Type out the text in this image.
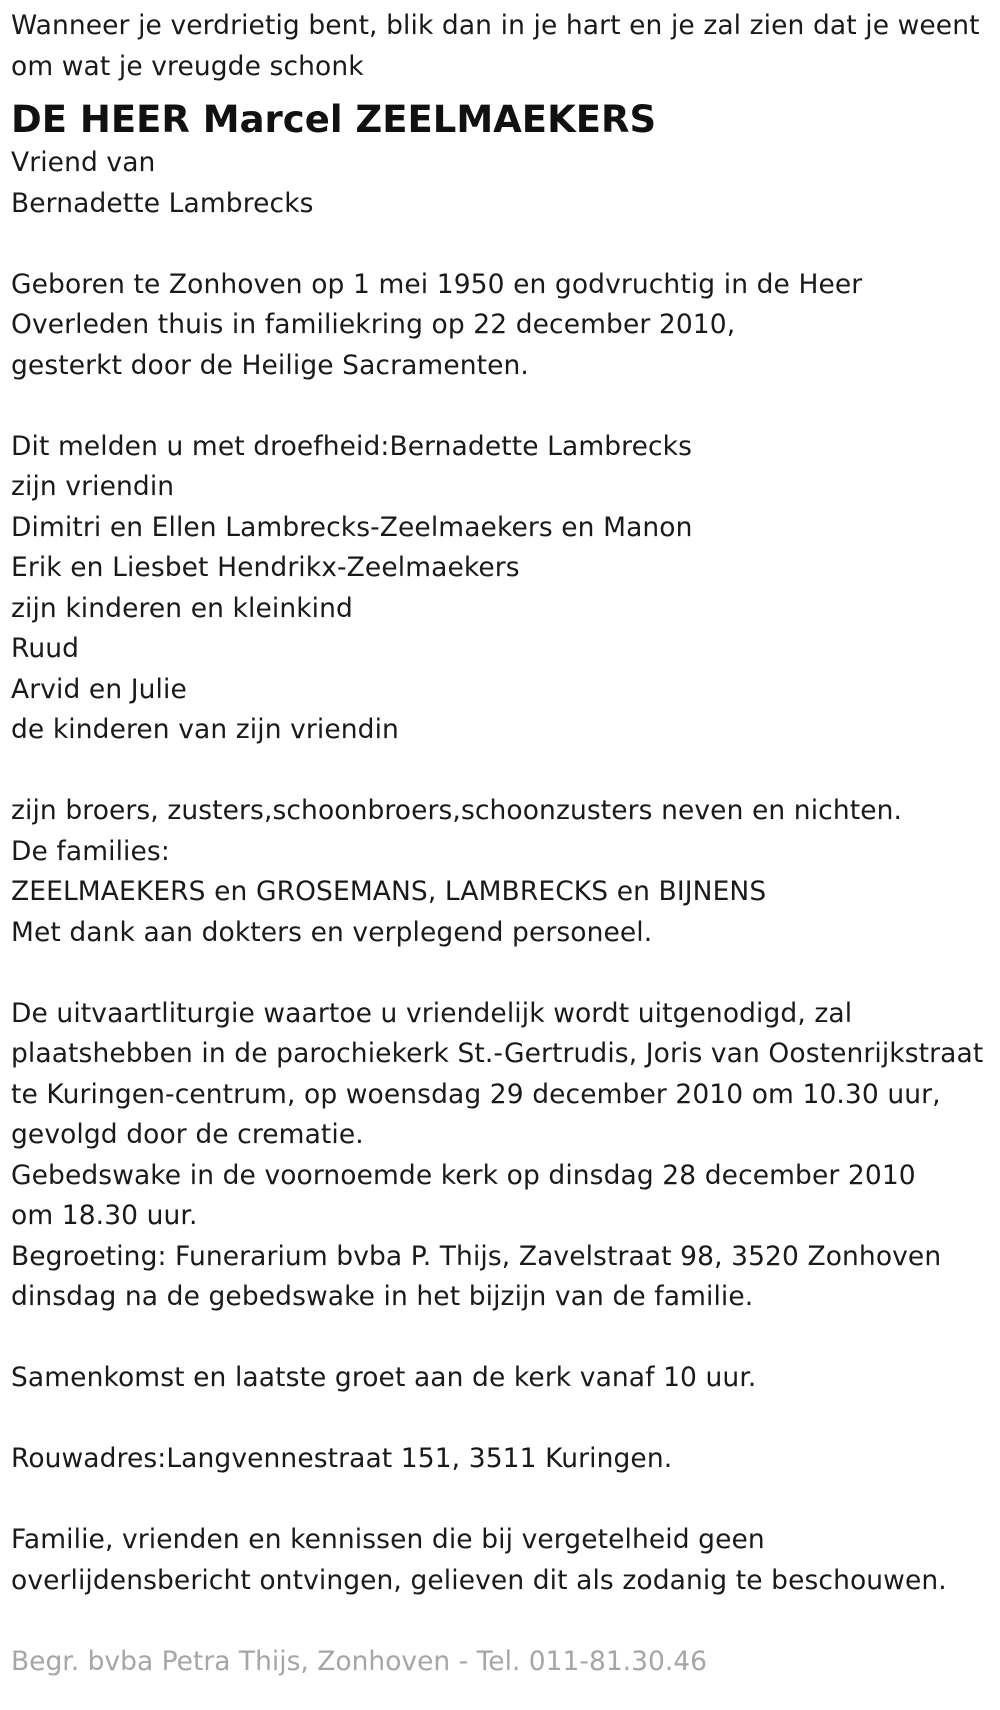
Wanneer je verdrietig bent, blik dan in je hart en je zal zien dat je weent
om wat je vreugde schonk
DE HEER Marcel ZEELMAEKERS
Vriend van
Bernadette Lambrecks
Geboren te Zonhoven op 1 mei 1950 en godvruchtig in de Heer
Overleden thuis in familiekring op 22 december 2010,
gesterkt door de Heilige Sacramenten.
Dit melden u met droefheid:Bernadette Lambrecks
zijn vriendin
Dimitri en Ellen Lambrecks-Zeelmaekers en Manon
Erik en Liesbet Hendrikx-Zeelmaekers
zijn kinderen en kleinkind
Ruud
Arvid en Julie
de kinderen van zijn vriendin
zijn broers, zusters,schoonbroers,schoonzusters neven en nichten.
De families:
ZEELMAEKERS en GROSEMANS, LAMBRECKS en BIJNENS
Met dank aan dokters en verplegend personeel.
De uitvaartliturgie waartoe u vriendelijk wordt uitgenodigd, zal
plaatshebben in de parochiekerk St.-Gertrudis, Joris van Oostenrijkstraat
te Kuringen-centrum, op woensdag 29 december 2010 om 10.30 uur,
gevolgd door de crematie.
Gebedswake in de voornoemde kerk op dinsdag 28 december 2010
om 18.30 uur.
Begroeting: Funerarium bvba P. Thijs, Zavelstraat 98, 3520 Zonhoven
dinsdag na de gebedswake in het bijzijn van de familie.
Samenkomst en laatste groet aan de kerk vanaf 10 uur.
Rouwadres:Langvennestraat 151, 3511 Kuringen.
Familie, vrienden en kennissen die bij vergetelheid geen
overlijdensbericht ontvingen, gelieven dit als zodanig te beschouwen.
Begr. bvba Petra Thijs, Zonhoven - Tel. 011-81.30.46
